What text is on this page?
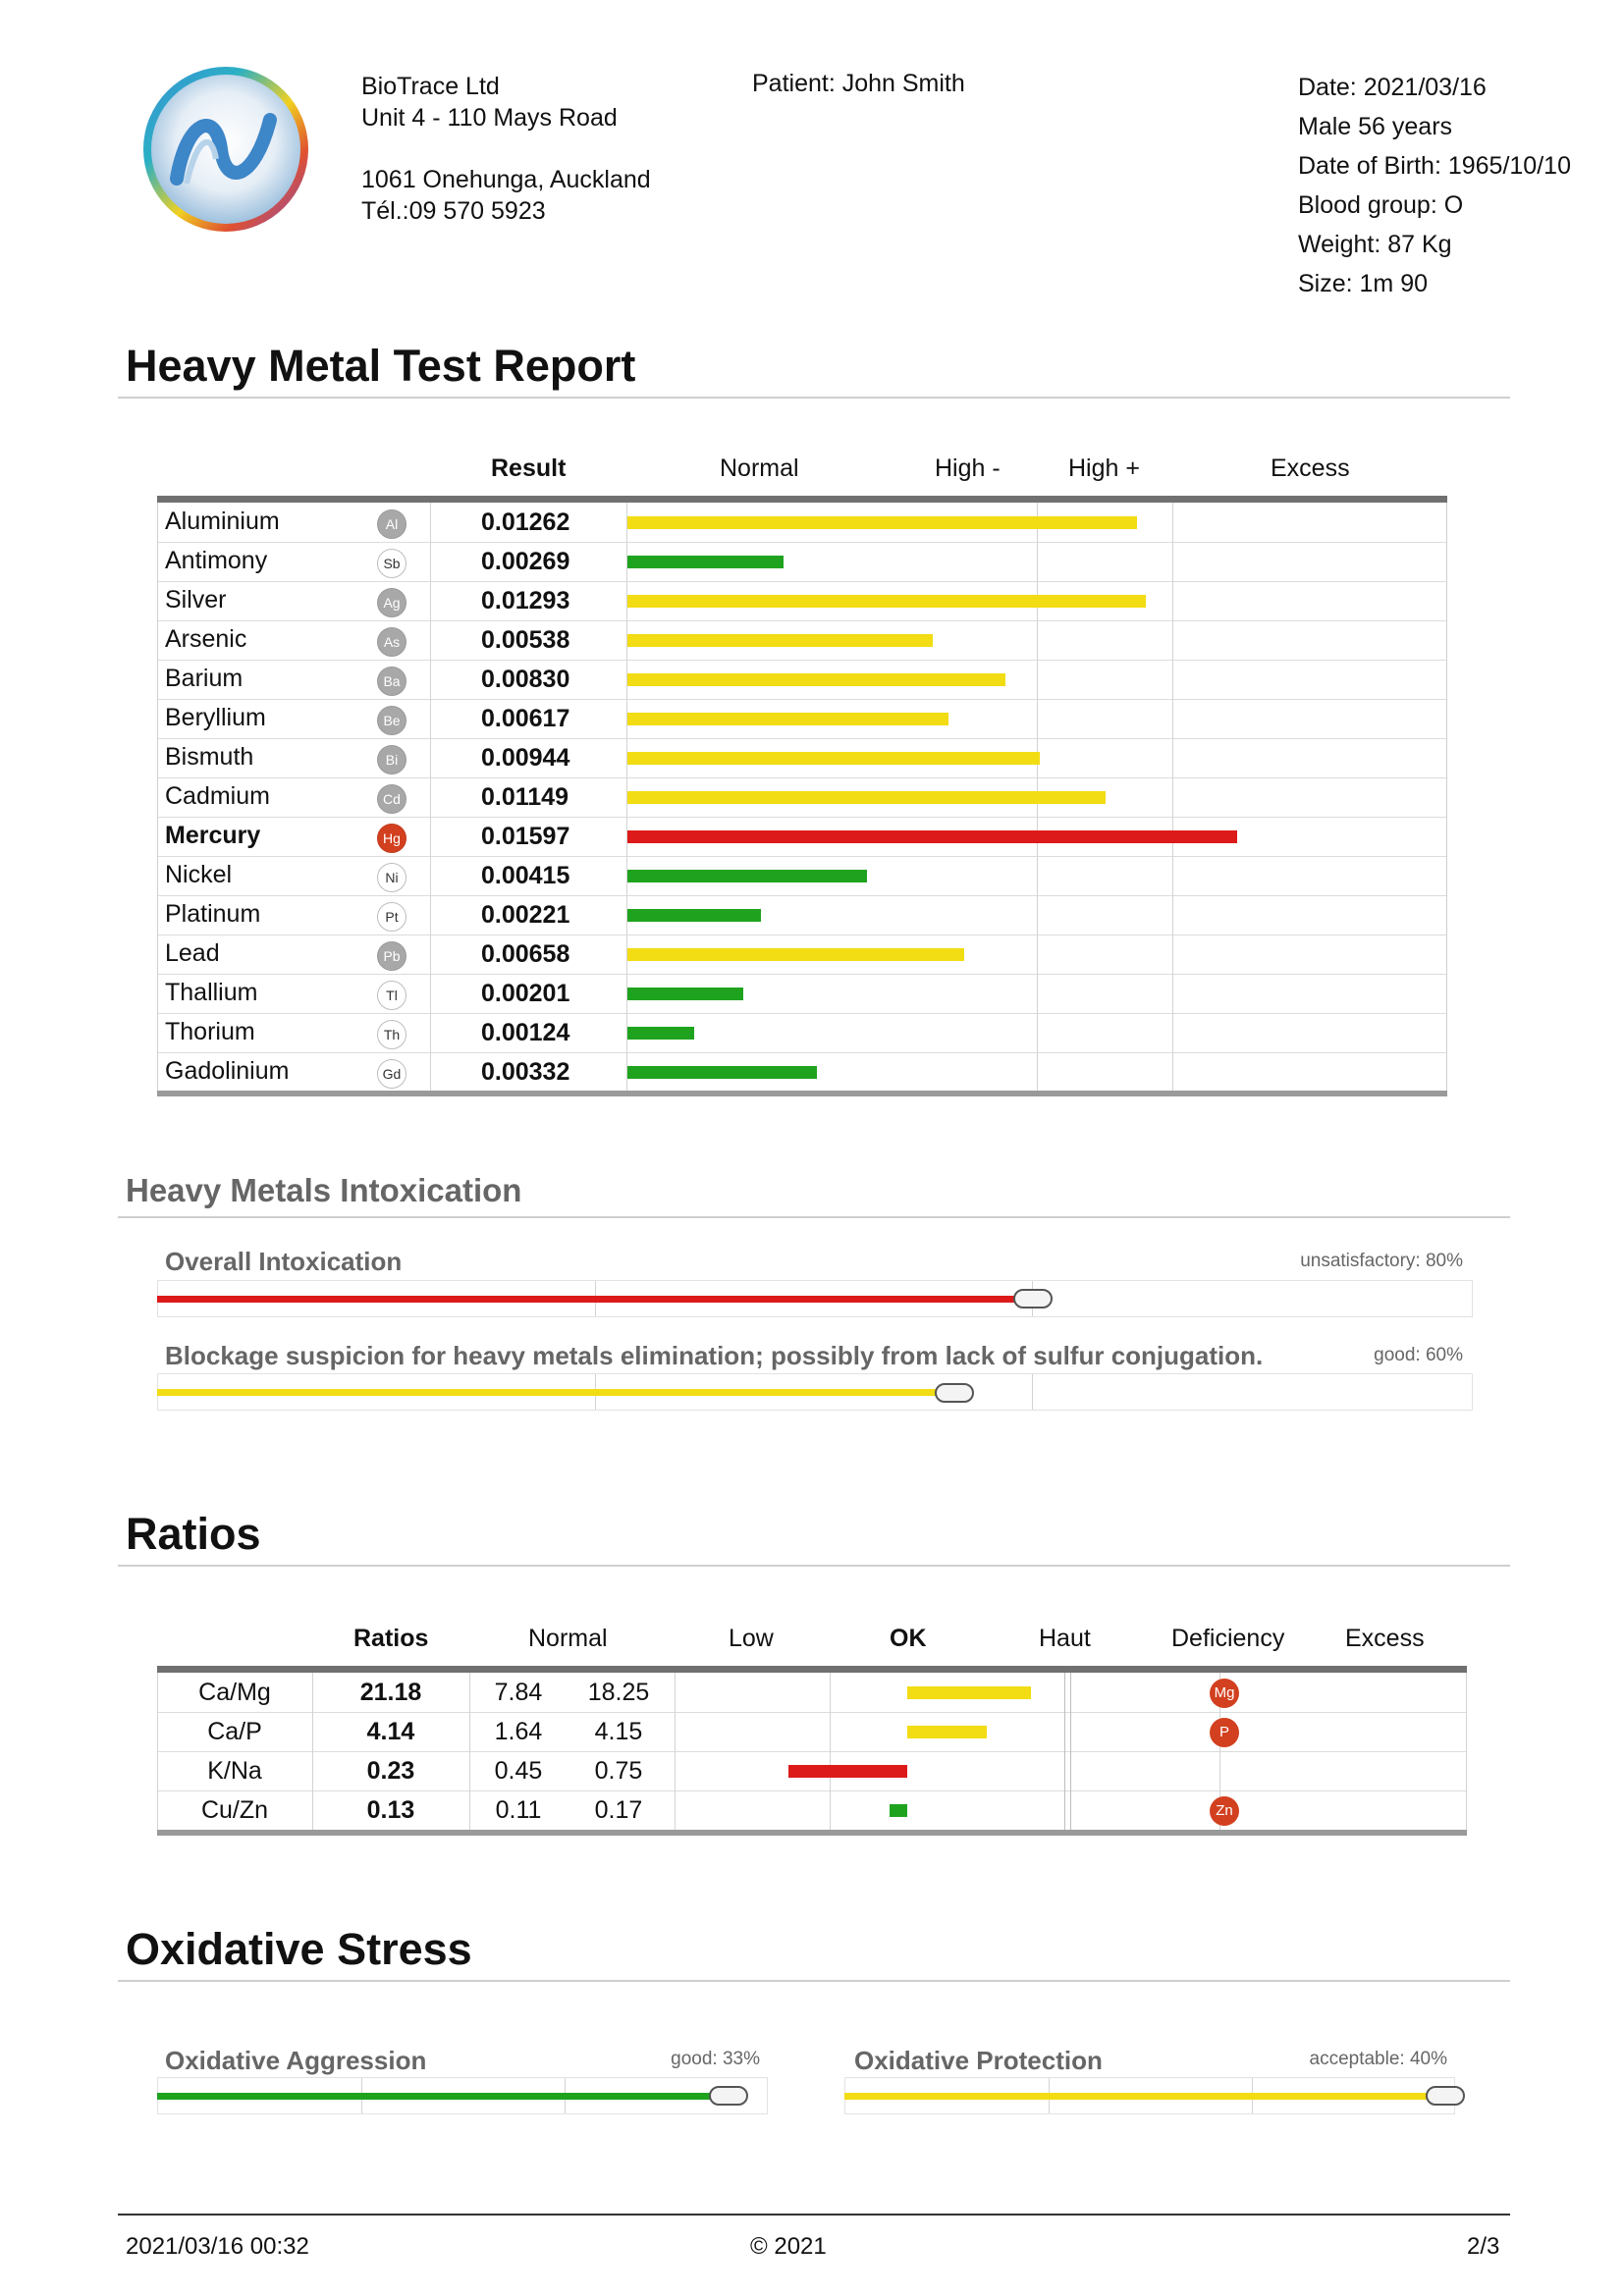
BioTrace Ltd
Unit 4 - 110 Mays Road
1061 Onehunga, Auckland
Tél.:09 570 5923
Patient: John Smith	Date: 2021/03/16
Male 56 years
Date of Birth: 1965/10/10
Blood group: O
Weight: 87 Kg
Size: 1m 90
Heavy Metal Test Report
Result	Normal	High -	High +	Excess
Aluminium	Al	0.01262
Antimony	Sb	0.00269
Silver	Ag	0.01293
Arsenic	As	0.00538
Barium	Ba	0.00830
Beryllium	Be	0.00617
Bismuth	Bi	0.00944
Cadmium	Cd	0.01149
Mercury	Hg	0.01597
Nickel	Ni	0.00415
Platinum	Pt	0.00221
Lead	Pb	0.00658
Thallium	Tl	0.00201
Thorium	Th	0.00124
Gadolinium	Gd	0.00332
Heavy Metals Intoxication
Overall Intoxication	unsatisfactory: 80%
Blockage suspicion for heavy metals elimination; possibly from lack of sulfur conjugation.	good: 60%
Ratios
Ratios	Normal	Low	OK	Haut	Deficiency Excess
Ca/Mg	21.18	7.84	18.25	Mg
Ca/P	4.14	1.64	4.15	P
K/Na	0.23	0.45	0.75
Cu/Zn	0.13	0.11	0.17	Zn
Oxidative Stress
Oxidative Aggression	good: 33%	Oxidative Protection	acceptable: 40%
2021/03/16 00:32	© 2021	2/3
